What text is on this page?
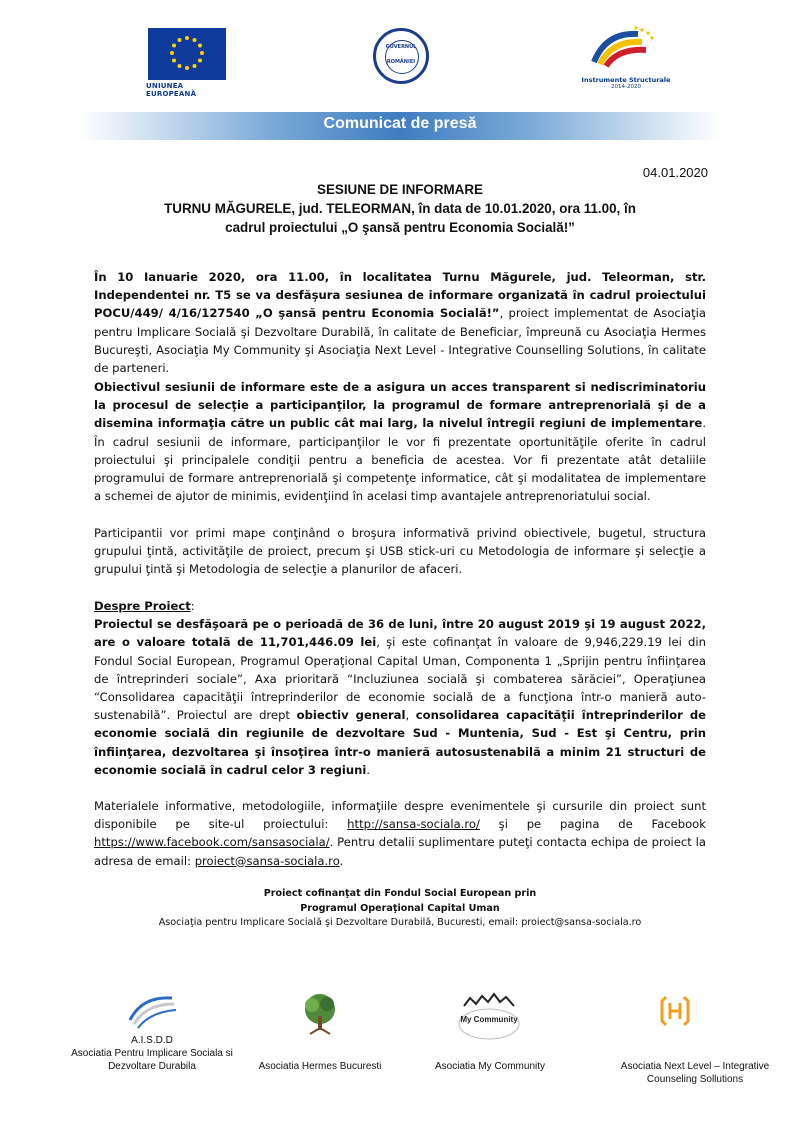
UNIUNEA EUROPEANĂ
GUVERNUL
ROMÂNIEI
Instrumente Structurale
2014-2020
Comunicat de presă
04.01.2020
SESIUNE DE INFORMARE
TURNU MĂGURELE, jud. TELEORMAN, în data de 10.01.2020, ora 11.00, în
cadrul proiectului „O şansă pentru Economia Socială!”

În 10 Ianuarie 2020, ora 11.00, în localitatea Turnu Măgurele, jud. Teleorman, str. Independentei nr. T5 se va desfăşura sesiunea de informare organizată în cadrul proiectului POCU/449/ 4/16/127540 „O şansă pentru Economia Socială!”, proiect implementat de Asociaţia pentru Implicare Socială şi Dezvoltare Durabilă, în calitate de Beneficiar, împreună cu Asociaţia Hermes Bucureşti, Asociaţia My Community şi Asociaţia Next Level - Integrative Counselling Solutions, în calitate de parteneri.

Obiectivul sesiunii de informare este de a asigura un acces transparent si nediscriminatoriu la procesul de selecţie a participanţilor, la programul de formare antreprenorială şi de a disemina informaţia către un public cât mai larg, la nivelul întregii regiuni de implementare. În cadrul sesiunii de informare, participanţilor le vor fi prezentate oportunităţile oferite în cadrul proiectului şi principalele condiţii pentru a beneficia de acestea. Vor fi prezentate atât detaliile programului de formare antreprenorială şi competenţe informatice, cât şi modalitatea de implementare a schemei de ajutor de minimis, evidenţiind în acelasi timp avantajele antreprenoriatului social.

Participantii vor primi mape conţinând o broşura informativă privind obiectivele, bugetul, structura grupului ţintă, activităţile de proiect, precum şi USB stick-uri cu Metodologia de informare şi selecţie a grupului ţintă şi Metodologia de selecţie a planurilor de afaceri.

Despre Proiect:
Proiectul se desfăşoară pe o perioadă de 36 de luni, între 20 august 2019 şi 19 august 2022, are o valoare totală de 11,701,446.09 lei, şi este cofinanţat în valoare de 9,946,229.19 lei din Fondul Social European, Programul Operaţional Capital Uman, Componenta 1 „Sprijin pentru înfiinţarea de întreprinderi sociale”, Axa prioritară “Incluziunea socială şi combaterea sărăciei”, Operaţiunea “Consolidarea capacităţii întreprinderilor de economie socială de a funcţiona într-o manieră auto-sustenabilă”. Proiectul are drept obiectiv general, consolidarea capacităţii întreprinderilor de economie socială din regiunile de dezvoltare Sud - Muntenia, Sud - Est şi Centru, prin înfiinţarea, dezvoltarea şi însoţirea într-o manieră autosustenabilă a minim 21 structuri de economie socială în cadrul celor 3 regiuni.

Materialele informative, metodologiile, informaţiile despre evenimentele şi cursurile din proiect sunt disponibile pe site-ul proiectului: http://sansa-sociala.ro/ şi pe pagina de Facebook https://www.facebook.com/sansasociala/. Pentru detalii suplimentare puteţi contacta echipa de proiect la adresa de email: proiect@sansa-sociala.ro.

Proiect cofinanţat din Fondul Social European prin
Programul Operaţional Capital Uman
Asociaţia pentru Implicare Socială şi Dezvoltare Durabilă, Bucuresti, email: proiect@sansa-sociala.ro
A.I.S.D.D
Asociatia Pentru Implicare Sociala si
Dezvoltare Durabila	Asociatia Hermes Bucuresti
My Community
Asociatia My Community	Asociatia Next Level – Integrative
Counseling Sollutions
